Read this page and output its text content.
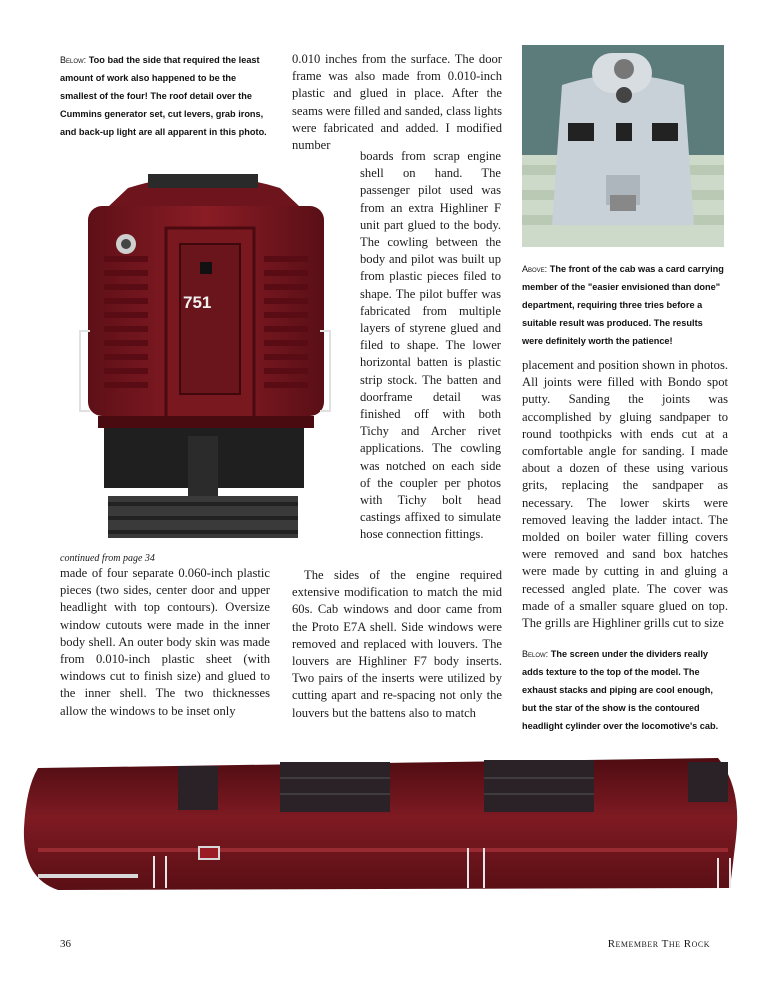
Below: Too bad the side that required the least amount of work also happened to be the smallest of the four! The roof detail over the Cummins generator set, cut levers, grab irons, and back-up light are all apparent in this photo.
751
continued from page 34
made of four separate 0.060-inch plastic pieces (two sides, center door and upper headlight with top contours). Oversize window cutouts were made in the inner body shell. An outer body skin was made from 0.010-inch plastic sheet (with windows cut to finish size) and glued to the inner shell. The two thicknesses allow the windows to be inset only
0.010 inches from the surface. The door frame was also made from 0.010-inch plastic and glued in place. After the seams were filled and sanded, class lights were fabricated and added. I modified number
boards from scrap engine shell on hand. The passenger pilot used was from an extra Highliner F unit part glued to the body. The cowling between the body and pilot was built up from plastic pieces filed to shape. The pilot buffer was fabricated from multiple layers of styrene glued and filed to shape. The lower horizontal batten is plastic strip stock. The batten and doorframe detail was finished off with both Tichy and Archer rivet applications. The cowling was notched on each side of the coupler per photos with Tichy bolt head castings affixed to simulate hose connection fittings.
The sides of the engine required extensive modification to match the mid 60s. Cab windows and door came from the Proto E7A shell. Side windows were removed and replaced with louvers. The louvers are Highliner F7 body inserts. Two pairs of the inserts were utilized by cutting apart and re-spacing not only the louvers but the battens also to match
Above: The front of the cab was a card carrying member of the "easier envisioned than done" department, requiring three tries before a suitable result was produced. The results were definitely worth the patience!
placement and position shown in photos. All joints were filled with Bondo spot putty. Sanding the joints was accomplished by gluing sandpaper to round toothpicks with ends cut at a comfortable angle for sanding. I made about a dozen of these using various grits, replacing the sandpaper as necessary. The lower skirts were removed leaving the ladder intact. The molded on boiler water filling covers were removed and sand box hatches were made by cutting in and gluing a recessed angled plate. The cover was made of a smaller square glued on top. The grills are Highliner grills cut to size
Below: The screen under the dividers really adds texture to the top of the model. The exhaust stacks and piping are cool enough, but the star of the show is the contoured headlight cylinder over the locomotive's cab.
36	Remember The Rock
